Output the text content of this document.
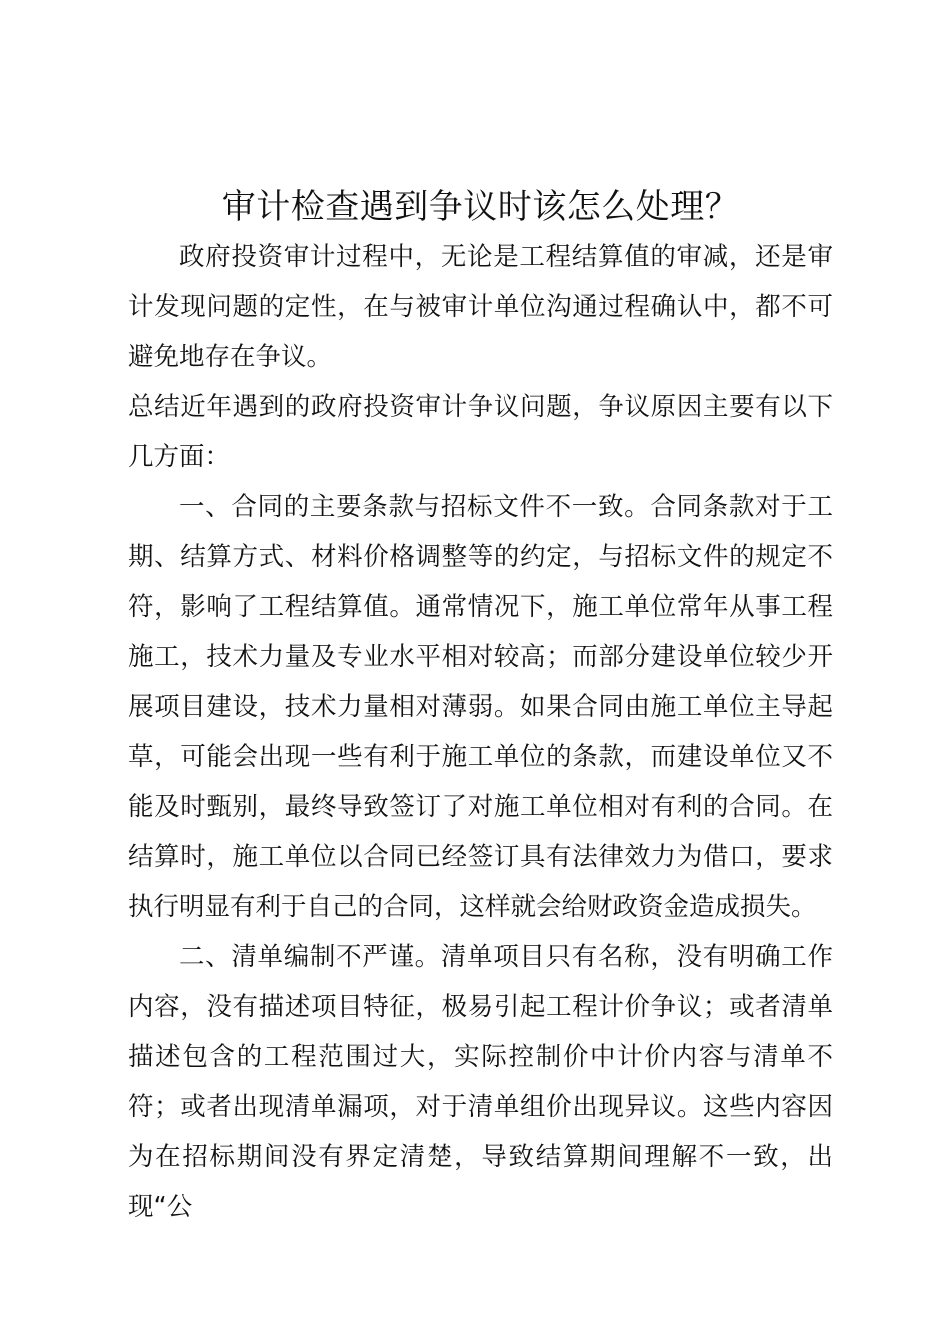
审计检查遇到争议时该怎么处理？

政府投资审计过程中，无论是工程结算值的审减，还是审计发现问题的定性，在与被审计单位沟通过程确认中，都不可避免地存在争议。

总结近年遇到的政府投资审计争议问题，争议原因主要有以下几方面：

一、合同的主要条款与招标文件不一致。合同条款对于工期、结算方式、材料价格调整等的约定，与招标文件的规定不符，影响了工程结算值。通常情况下，施工单位常年从事工程施工，技术力量及专业水平相对较高；而部分建设单位较少开展项目建设，技术力量相对薄弱。如果合同由施工单位主导起草，可能会出现一些有利于施工单位的条款，而建设单位又不能及时甄别，最终导致签订了对施工单位相对有利的合同。在结算时，施工单位以合同已经签订具有法律效力为借口，要求执行明显有利于自己的合同，这样就会给财政资金造成损失。

二、清单编制不严谨。清单项目只有名称，没有明确工作内容，没有描述项目特征，极易引起工程计价争议；或者清单描述包含的工程范围过大，实际控制价中计价内容与清单不符；或者出现清单漏项，对于清单组价出现异议。这些内容因为在招标期间没有界定清楚，导致结算期间理解不一致，出现“公
